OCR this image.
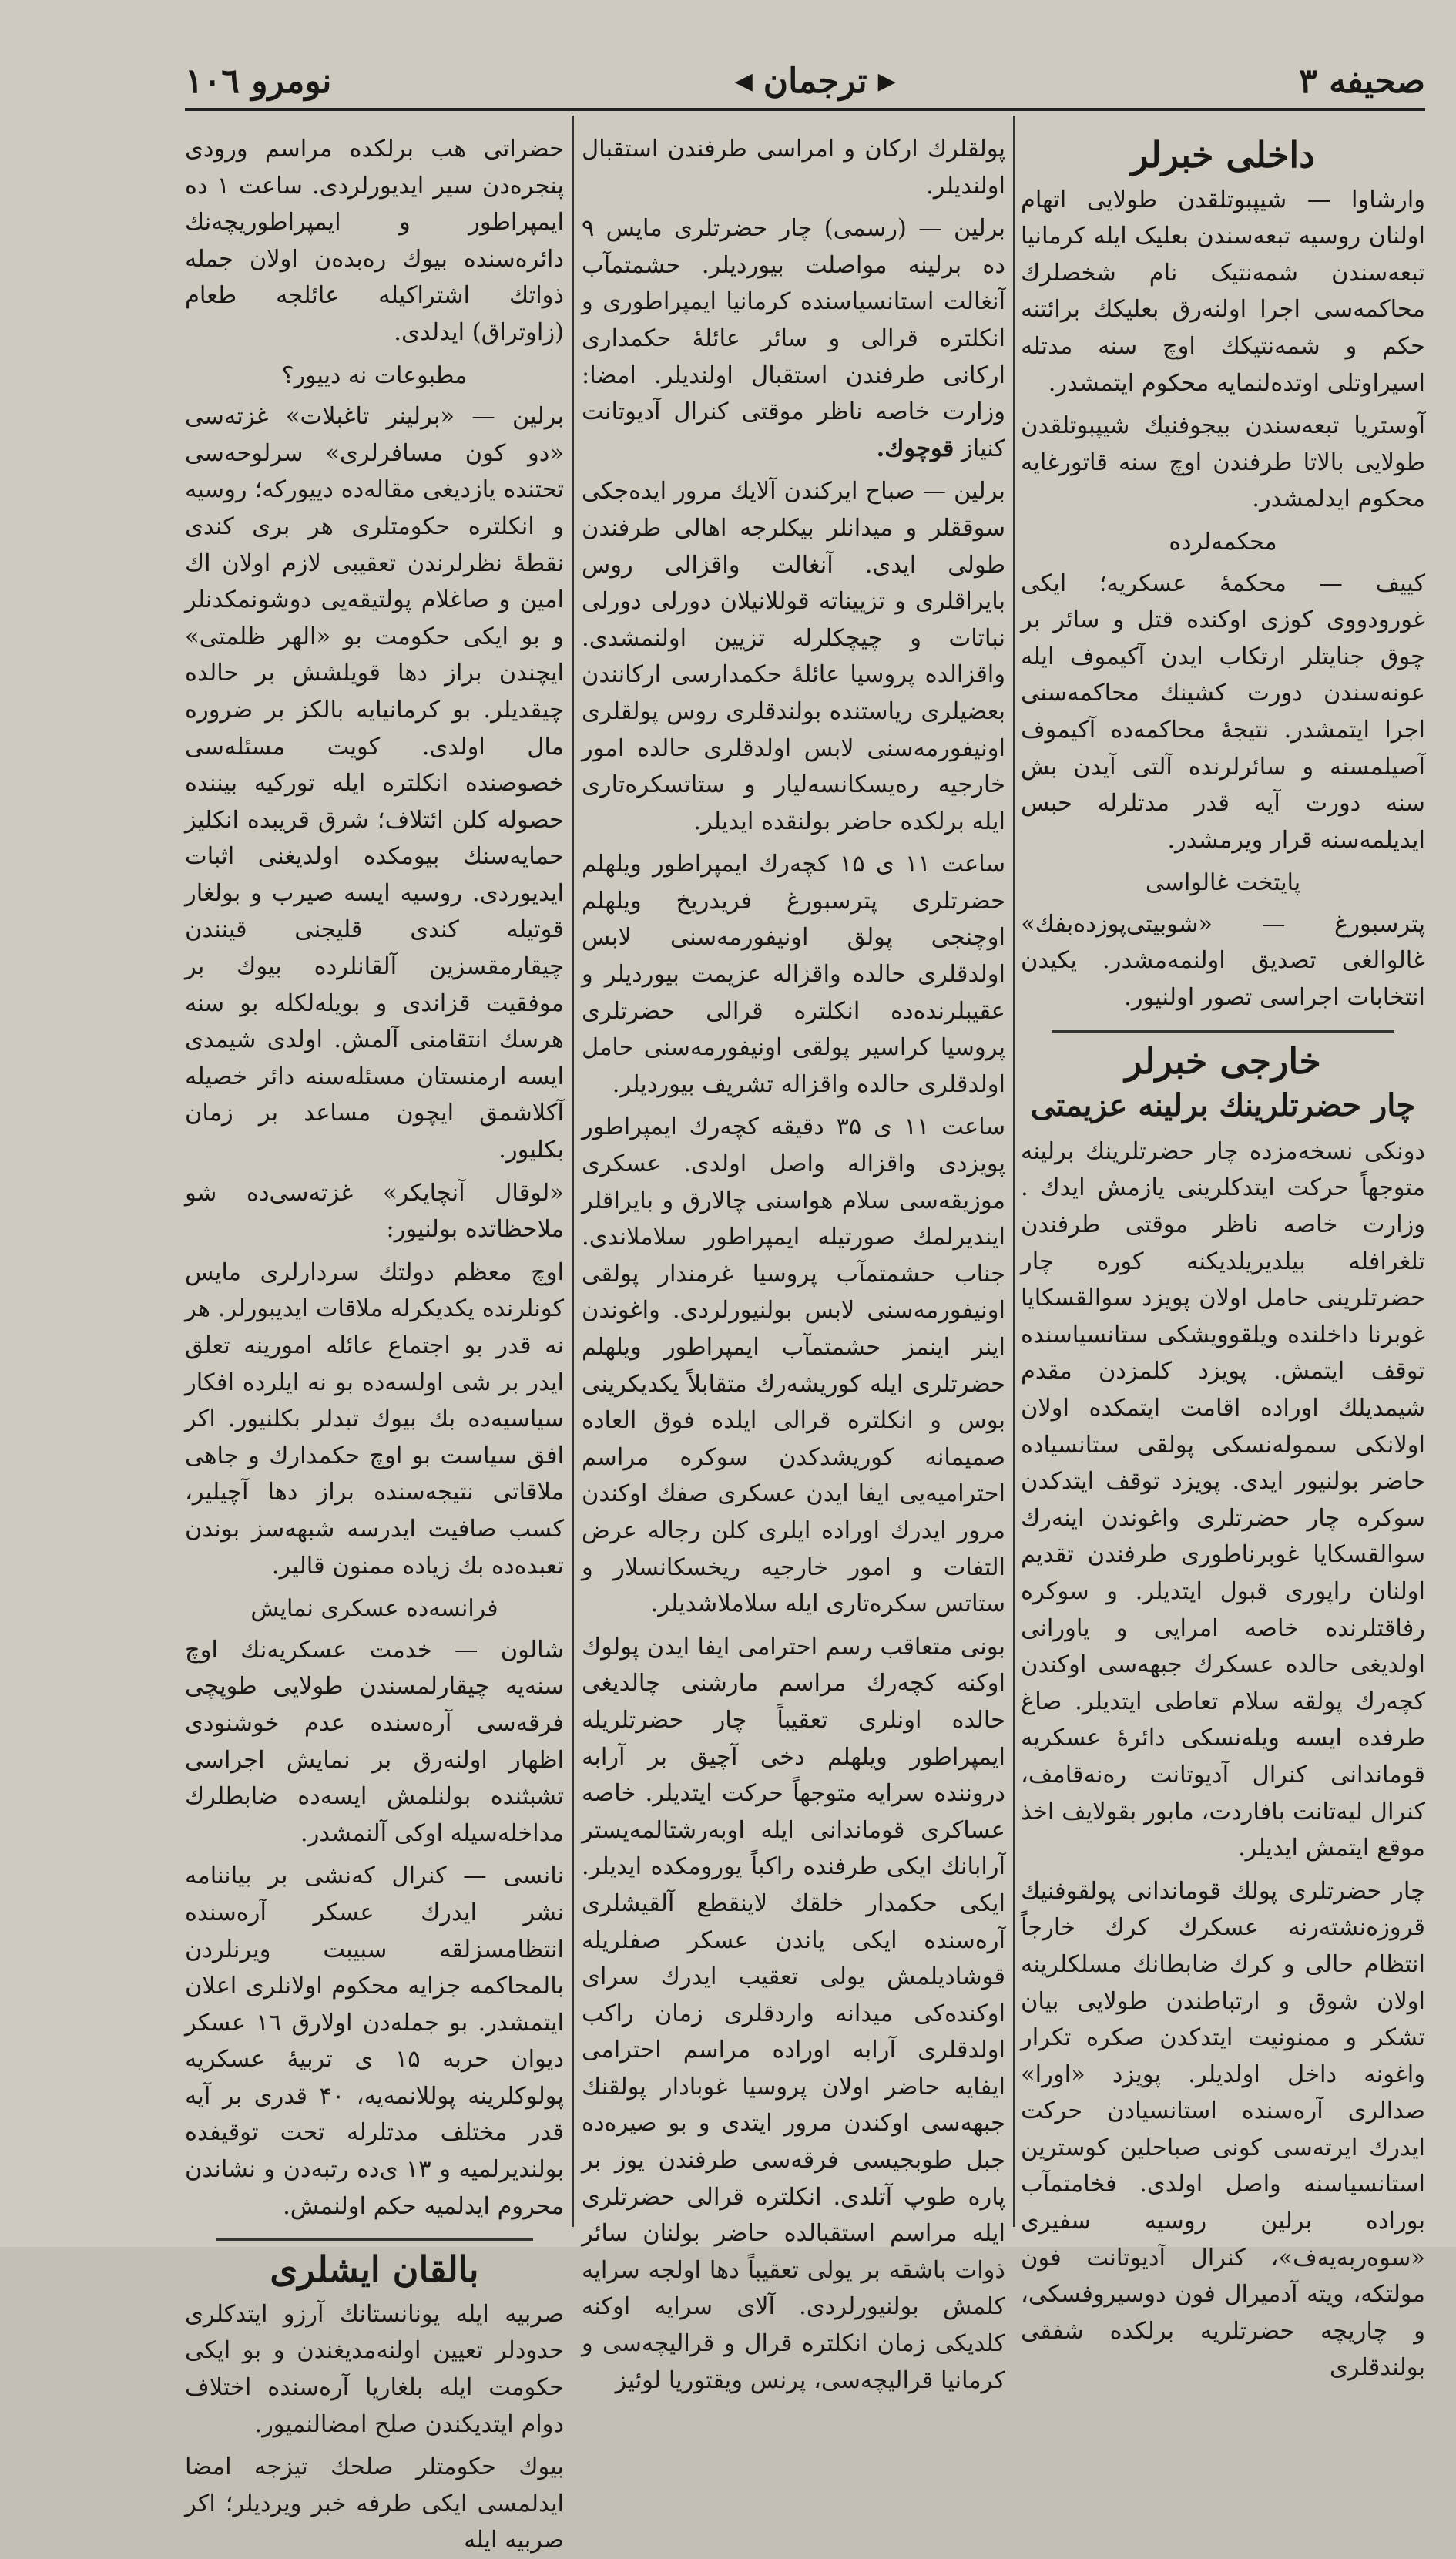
صحیفه ۳
▶
ترجمان
◀
نومرو ۱۰٦
داخلی خبرلر

وارشاوا — شیپبوتلقدن طولایی اتهام اولنان روسیه تبعه‌سندن بعلیک ایله کرمانیا تبعه‌سندن شمه‌نتیک نام شخصلرك محاکمه‌سی اجرا اولنه‌رق بعلیکك برائتنه حکم و شمه‌نتیکك اوچ سنه مدتله اسیراوتلی اوتده‌لنمایه محکوم ایتمشدر.

آوستریا تبعه‌سندن بیجوفنیك شیپبوتلقدن طولایی بالاتا طرفندن اوچ سنه قاتورغایه محکوم ایدلمشدر.

محکمه‌لرده

کییف — محکمهٔ عسکریه؛ ایکی غورودووی کوزی اوکنده قتل و سائر بر چوق جنایتلر ارتکاب ایدن آکیموف ایله عونه‌سندن دورت کشینك محاکمه‌سنی اجرا ایتمشدر. نتیجهٔ محاکمه‌ده آکیموف آصیلمسنه و سائرلرنده آلتی آیدن بش سنه دورت آیه قدر مدتلرله حبس ایدیلمه‌سنه قرار ویرمشدر.

پایتخت غالواسی

پترسبورغ — «شوبیتی‌پوزده‌بفك» غالوالغی تصدیق اولنمه‌مشدر. یکیدن انتخابات اجراسی تصور اولنیور.

خارجی خبرلر
چار حضرتلرینك برلینه عزیمتی

دونکی نسخه‌مزده چار حضرتلرینك برلینه متوجهاً حرکت ایتدکلرینی یازمش ایدك . وزارت خاصه ناظر موقتی طرفندن تلغرافله بیلدیریلدیکنه کوره چار حضرتلرینی حامل اولان پویزد سوالقسکایا غوبرنا داخلنده ویلقوویشکی ستانسیاسنده توقف ایتمش. پویزد کلمزدن مقدم شیمدیلك اوراده اقامت ایتمکده اولان اولانکی سموله‌نسکی پولقی ستانسیاده حاضر بولنیور ایدی. پویزد توقف ایتدکدن سوکره چار حضرتلری واغوندن اینه‌رك سوالقسکایا غوبرناطوری طرفندن تقدیم اولنان راپوری قبول ایتدیلر. و سوکره رفاقتلرنده خاصه امرایی و یاورانی اولدیغی حالده عسکرك جبهه‌سی اوکندن کچه‌رك پولقه سلام تعاطی ایتدیلر. صاغ طرفده ایسه ویله‌نسکی دائرهٔ عسکریه قوماندانی کنرال آدیوتانت ره‌نه‌قامف، کنرال لیه‌تانت بافاردت، مابور بقولایف اخذ موقع ایتمش ایدیلر.

چار حضرتلری پولك قوماندانی پولقوفنیك قروزه‌نشته‌رنه عسکرك کرك خارجاً انتظام حالی و کرك ضابطانك مسلکلرینه اولان شوق و ارتباطندن طولایی بیان تشکر و ممنونیت ایتدکدن صکره تکرار واغونه داخل اولدیلر. پویزد «اورا» صدالری آره‌سنده استانسیادن حرکت ایدرك ایرته‌سی کونی صباحلین کوسترین استانسیاسنه واصل اولدی. فخامتمآب بوراده برلین روسیه سفیری «سوه‌ربه‌یه‌ف»، کنرال آدیوتانت فون مولتکه، ویته آدمیرال فون دوسیروفسکی، و چاریچه حضرتلریه برلکده شفقی بولندقلری

پولقلرك ارکان و امراسی طرفندن استقبال اولندیلر.

برلین — (رسمی) چار حضرتلری مایس ۹ ده برلینه مواصلت بیوردیلر. حشمتمآب آنغالت استانسیاسنده کرمانیا ایمپراطوری و انکلتره قرالی و سائر عائلهٔ حکمداری ارکانی طرفندن استقبال اولندیلر. امضا: وزارت خاصه ناظر موقتی کنرال آدیوتانت کنیاز قوچوك.

برلین — صباح ایرکندن آلایك مرور ایده‌جکی سوققلر و میدانلر بیکلرجه اهالی طرفندن طولی ایدی. آنغالت واقزالی روس بایراقلری و تزییناته قوللانیلان دورلی دورلی نباتات و چیچکلرله تزیین اولنمشدی. واقزالده پروسیا عائلهٔ حکمدارسی ارکانندن بعضیلری ریاستنده بولندقلری روس پولقلری اونیفورمه‌سنی لابس اولدقلری حالده امور خارجیه ره‌یسکانسه‌لیار و ستاتسکره‌تاری ایله برلکده حاضر بولنقده ایدیلر.

ساعت ۱۱ ی ۱۵ کچه‌رك ایمپراطور ویلهلم حضرتلری پترسبورغ فریدریخ ویلهلم اوچنجی پولق اونیفورمه‌سنی لابس اولدقلری حالده واقزاله عزیمت بیوردیلر و عقیبلرنده‌ده انکلتره قرالی حضرتلری پروسیا کراسیر پولقی اونیفورمه‌سنی حامل اولدقلری حالده واقزاله تشریف بیوردیلر.

ساعت ۱۱ ی ۳۵ دقیقه کچه‌رك ایمپراطور پویزدی واقزاله واصل اولدی. عسکری موزیقه‌سی سلام هواسنی چالارق و بایراقلر ایندیرلمك صورتیله ایمپراطور سلاملاندی. جناب حشمتمآب پروسیا غرمندار پولقی اونیفورمه‌سنی لابس بولنیورلردی. واغوندن اینر اینمز حشمتمآب ایمپراطور ویلهلم حضرتلری ایله کوریشه‌رك متقابلاً یکدیکرینی بوس و انکلتره قرالی ایلده فوق العاده صمیمانه کوریشدکدن سوکره مراسم احترامیه‌یی ایفا ایدن عسکری صفك اوکندن مرور ایدرك اوراده ایلری کلن رجاله عرض التفات و امور خارجیه ریخسکانسلار و ستاتس سکره‌تاری ایله سلاملاشدیلر.

بونی متعاقب رسم احترامی ایفا ایدن پولوك اوکنه کچه‌رك مراسم مارشنی چالدیغی حالده اونلری تعقیباً چار حضرتلریله ایمپراطور ویلهلم دخی آچیق بر آرابه دروننده سرایه متوجهاً حرکت ایتدیلر. خاصه عساکری قوماندانی ایله اوبه‌رشتالمه‌یستر آرابانك ایکی طرفنده راکباً یورومکده ایدیلر. ایکی حکمدار خلقك لاینقطع آلقیشلری آره‌سنده ایکی یاندن عسکر صفلریله قوشادیلمش یولی تعقیب ایدرك سرای اوکنده‌کی میدانه واردقلری زمان راکب اولدقلری آرابه اوراده مراسم احترامی ایفایه حاضر اولان پروسیا غوبادار پولقنك جبهه‌سی اوکندن مرور ایتدی و بو صیره‌ده جبل طوبجیسی فرقه‌سی طرفندن یوز بر پاره طوپ آتلدی. انکلتره قرالی حضرتلری ایله مراسم استقبالده حاضر بولنان سائر ذوات باشقه بر یولی تعقیباً دها اولجه سرایه کلمش بولنیورلردی. آلای سرایه اوکنه کلدیکی زمان انکلتره قرال و قرالیچه‌سی و کرمانیا قرالیچه‌سی، پرنس ویقتوریا لوئیز

حضراتی هب برلکده مراسم ورودی پنجره‌دن سیر ایدیورلردی. ساعت ۱ ده ایمپراطور و ایمپراطوریچه‌نك دائره‌سنده بیوك ره‌بده‌ن اولان جمله ذواتك اشتراکیله عائلجه طعام (زاوتراق) ایدلدی.

مطبوعات نه دییور؟

برلین — «برلینر تاغبلات» غزته‌سی «دو کون مسافرلری» سرلوحه‌سی تحتنده یازدیغی مقاله‌ده دییورکه؛ روسیه و انکلتره حکومتلری هر بری کندی نقطهٔ نظرلرندن تعقیبی لازم اولان اك امین و صاغلام پولتیقه‌یی دوشونمکدنلر و بو ایکی حکومت بو «الهر ظلمتی» ایچندن براز دها قویلشش بر حالده چیقدیلر. بو کرمانیایه بالکز بر ضروره مال اولدی. کویت مسئله‌سی خصوصنده انکلتره ایله تورکیه بیننده حصوله کلن ائتلاف؛ شرق قریبده انکلیز حمایه‌سنك بیومکده اولدیغنی اثبات ایدیوردی. روسیه ایسه صیرب و بولغار قوتیله کندی قلیجنی قینندن چیقارمقسزین آلقانلرده بیوك بر موفقیت قزاندی و بویله‌لکله بو سنه هرسك انتقامنی آلمش. اولدی شیمدی ایسه ارمنستان مسئله‌سنه دائر خصیله آکلاشمق ایچون مساعد بر زمان بکلیور.

«لوقال آنچایکر» غزته‌سی‌ده شو ملاحظاتده بولنیور:

اوچ معظم دولتك سردارلری مایس کونلرنده یکدیکرله ملاقات ایدیبورلر. هر نه قدر بو اجتماع عائله امورینه تعلق ایدر بر شی اولسه‌ده بو نه ایلرده افکار سیاسیه‌ده بك بیوك تبدلر بکلنیور. اکر افق سیاست بو اوچ حکمدارك و جاهی ملاقاتی نتیجه‌سنده براز دها آچیلیر، کسب صافیت ایدرسه شبهه‌سز بوندن تعبده‌ده بك زیاده ممنون قالیر.

فرانسه‌ده عسکری نمایش

شالون — خدمت عسکریه‌نك اوچ سنه‌یه چیقارلمسندن طولایی طوپچی فرقه‌سی آره‌سنده عدم خوشنودی اظهار اولنه‌رق بر نمایش اجراسی تشبثنده بولنلمش ایسه‌ده ضابطلرك مداخله‌سیله اوکی آلنمشدر.

نانسی — کنرال که‌نشی بر بیاننامه نشر ایدرك عسکر آره‌سنده انتظامسزلقه سبیبت ویرنلردن بالمحاکمه جزایه محکوم اولانلری اعلان ایتمشدر. بو جمله‌دن اولارق ۱٦ عسکر دیوان حربه ۱۵ ی تربیهٔ عسکریه پولوکلرینه پوللانمه‌یه، ۴۰ قدری بر آیه قدر مختلف مدتلرله تحت توقیفده بولندیرلمیه و ۱۳ ی‌ده رتبه‌دن و نشاندن محروم ایدلمیه حکم اولنمش.

بالقان ایشلری

صربیه ایله یونانستانك آرزو ایتدکلری حدودلر تعیین اولنه‌مدیغندن و بو ایکی حکومت ایله بلغاریا آره‌سنده اختلاف دوام ایتدیکندن صلح امضالنمیور.

بیوك حکومتلر صلحك تیزجه امضا ایدلمسی ایکی طرفه خبر ویردیلر؛ اکر صربیه ایله
